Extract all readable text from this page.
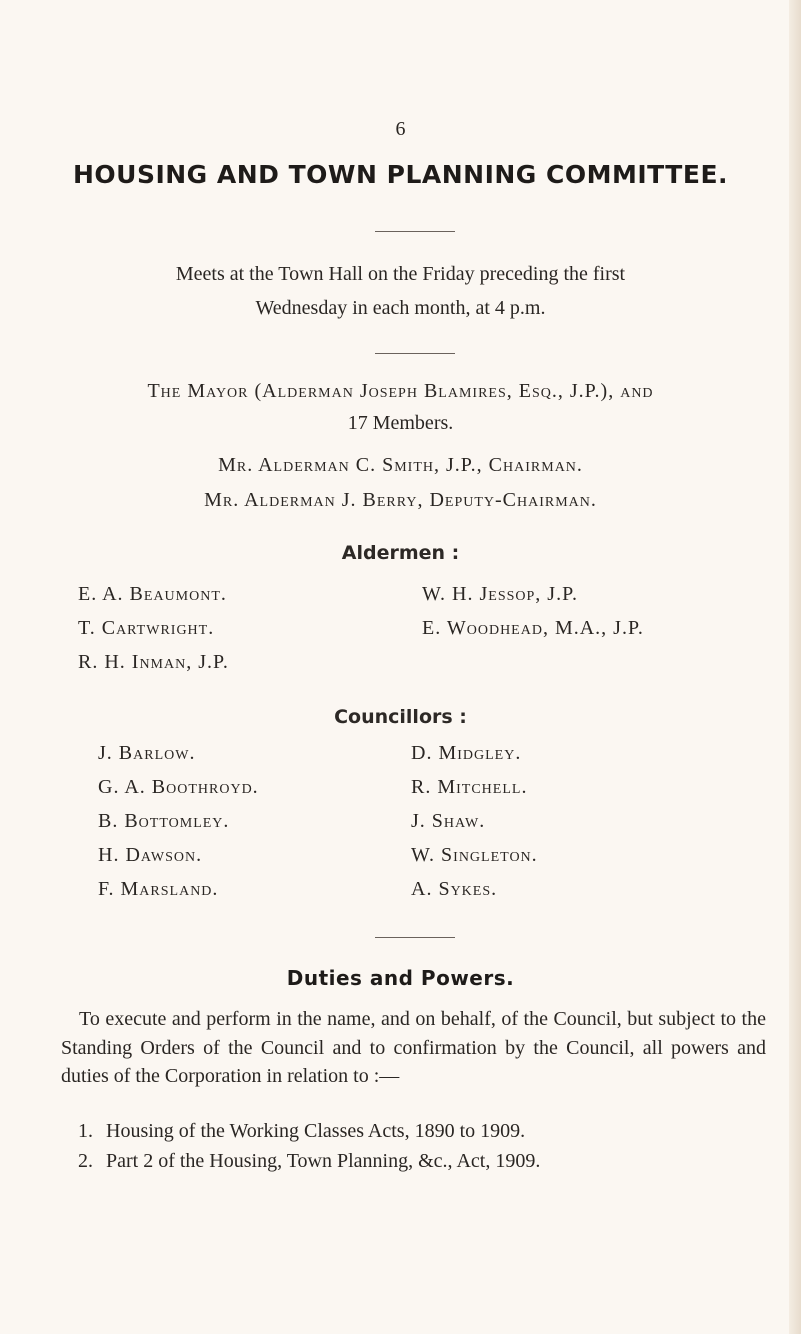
6
HOUSING AND TOWN PLANNING COMMITTEE.
Meets at the Town Hall on the Friday preceding the first
Wednesday in each month, at 4 p.m.
The Mayor (Alderman Joseph Blamires, Esq., J.P.), and
17 Members.
Mr. Alderman C. Smith, J.P., Chairman.
Mr. Alderman J. Berry, Deputy-Chairman.
Aldermen :
E. A. Beaumont.
T. Cartwright.
R. H. Inman, J.P.
W. H. Jessop, J.P.
E. Woodhead, M.A., J.P.
Councillors :
J. Barlow.
G. A. Boothroyd.
B. Bottomley.
H. Dawson.
F. Marsland.
D. Midgley.
R. Mitchell.
J. Shaw.
W. Singleton.
A. Sykes.
Duties and Powers.
To execute and perform in the name, and on behalf, of the Council, but subject to the Standing Orders of the Council and to confirmation by the Council, all powers and duties of the Corporation in relation to :—
1. Housing of the Working Classes Acts, 1890 to 1909.
2. Part 2 of the Housing, Town Planning, &c., Act, 1909.
